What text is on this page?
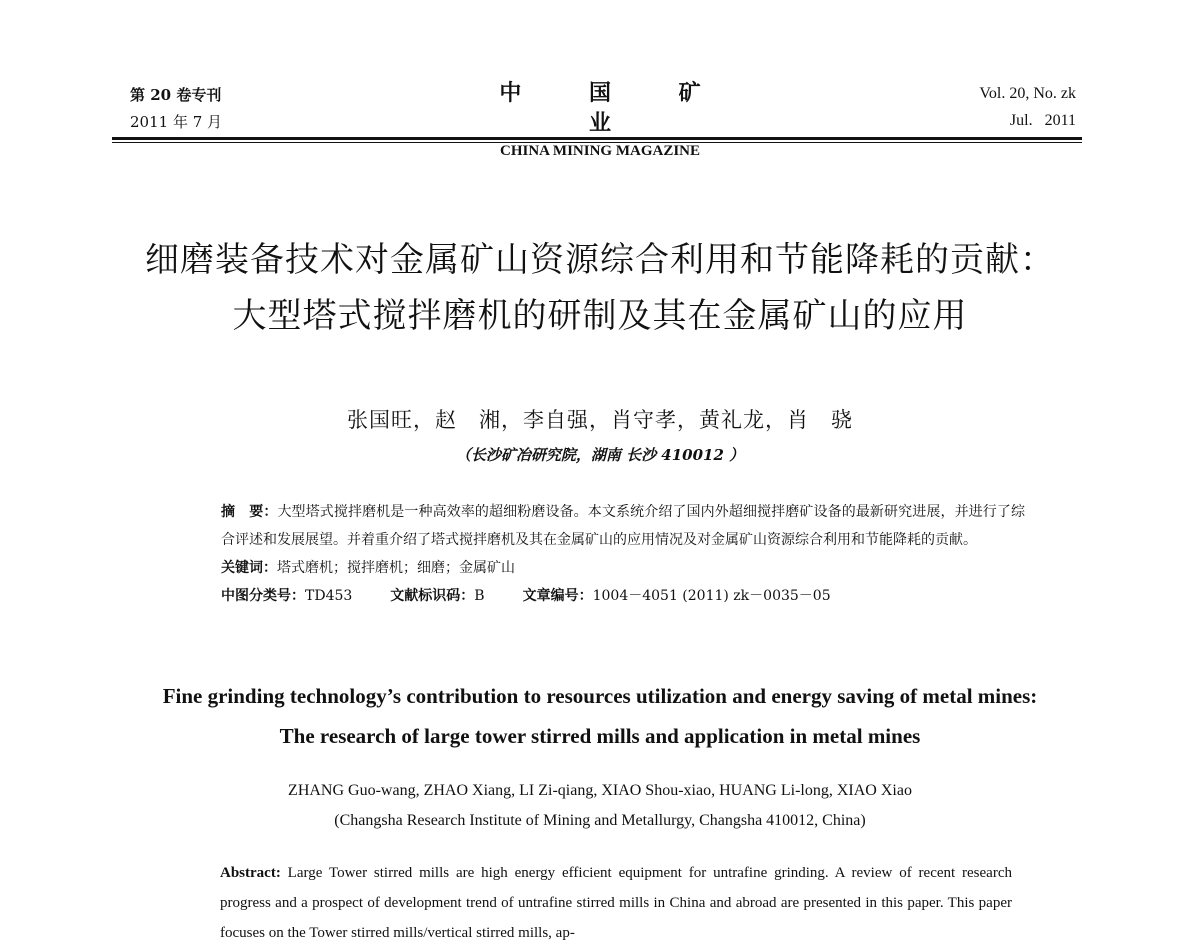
第 20 卷专刊
2011 年 7 月
中 国 矿 业
CHINA MINING MAGAZINE
Vol. 20, No. zk
Jul.   2011
细磨装备技术对金属矿山资源综合利用和节能降耗的贡献：
大型塔式搅拌磨机的研制及其在金属矿山的应用
张国旺，赵　湘，李自强，肖守孝，黄礼龙，肖　骁
（长沙矿冶研究院，湖南 长沙 410012 ）

摘　要：大型塔式搅拌磨机是一种高效率的超细粉磨设备。本文系统介绍了国内外超细搅拌磨矿设备的最新研究进展，并进行了综合评述和发展展望。并着重介绍了塔式搅拌磨机及其在金属矿山的应用情况及对金属矿山资源综合利用和节能降耗的贡献。

关键词：塔式磨机；搅拌磨机；细磨；金属矿山

中图分类号：TD453	文献标识码：B	文章编号：1004－4051 (2011) zk－0035－05

Fine grinding technology’s contribution to resources utilization and energy saving of metal mines:
The research of large tower stirred mills and application in metal mines
ZHANG Guo-wang, ZHAO Xiang, LI Zi-qiang, XIAO Shou-xiao, HUANG Li-long, XIAO Xiao
(Changsha Research Institute of Mining and Metallurgy, Changsha 410012, China)
Abstract: Large Tower stirred mills are high energy efficient equipment for untrafine grinding. A review of recent research progress and a prospect of development trend of untrafine stirred mills in China and abroad are presented in this paper. This paper focuses on the Tower stirred mills/vertical stirred mills, ap-
